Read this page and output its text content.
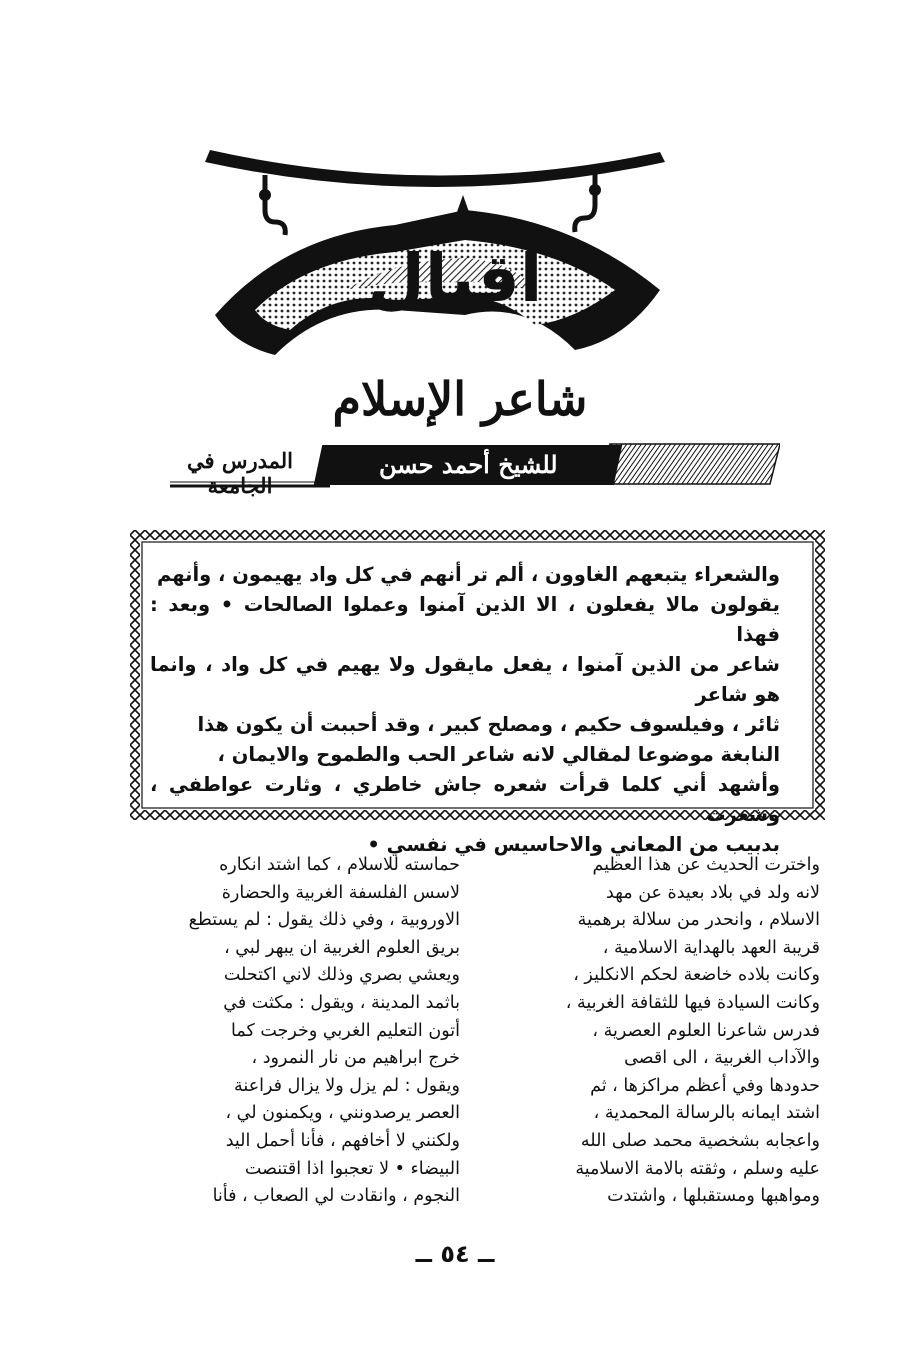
اقبال
شاعر الإسلام
للشيخ أحمد حسن
المدرس في الجامعة

والشعراء يتبعهم الغاوون ، ألم تر أنهم في كل واد يهيمون ، وأنهم

يقولون مالا يفعلون ، الا الذين آمنوا وعملوا الصالحات • وبعد : فهذا

شاعر من الذين آمنوا ، يفعل مايقول ولا يهيم في كل واد ، وانما هو شاعر

ثائر ، وفيلسوف حكيم ، ومصلح كبير ، وقد أحببت أن يكون هذا

النابغة موضوعا لمقالي لانه شاعر الحب والطموح والايمان ،

وأشهد أني كلما قرأت شعره جاش خاطري ، وثارت عواطفي ، وشعرت

بدبيب من المعاني والاحاسيس في نفسي •

واخترت الحديث عن هذا العظيم

لانه ولد في بلاد بعيدة عن مهد

الاسلام ، وانحدر من سلالة برهمية

قريبة العهد بالهداية الاسلامية ،

وكانت بلاده خاضعة لحكم الانكليز ،

وكانت السيادة فيها للثقافة الغربية ،

فدرس شاعرنا العلوم العصرية ،

والآداب الغربية ، الى اقصى

حدودها وفي أعظم مراكزها ، ثم

اشتد ايمانه بالرسالة المحمدية ،

واعجابه بشخصية محمد صلى الله

عليه وسلم ، وثقته بالامة الاسلامية

ومواهبها ومستقبلها ، واشتدت

حماسته للاسلام ، كما اشتد انكاره

لاسس الفلسفة الغربية والحضارة

الاوروبية ، وفي ذلك يقول : لم يستطع

بريق العلوم الغربية ان يبهر لبي ،

ويعشي بصري وذلك لاني اكتحلت

باثمد المدينة ، ويقول : مكثت في

أتون التعليم الغربي وخرجت كما

خرج ابراهيم من نار النمرود ،

ويقول : لم يزل ولا يزال فراعنة

العصر يرصدونني ، ويكمنون لي ،

ولكنني لا أخافهم ، فأنا أحمل اليد

البيضاء • لا تعجبوا اذا اقتنصت

النجوم ، وانقادت لي الصعاب ، فأنا

ــ ٥٤ ــ
